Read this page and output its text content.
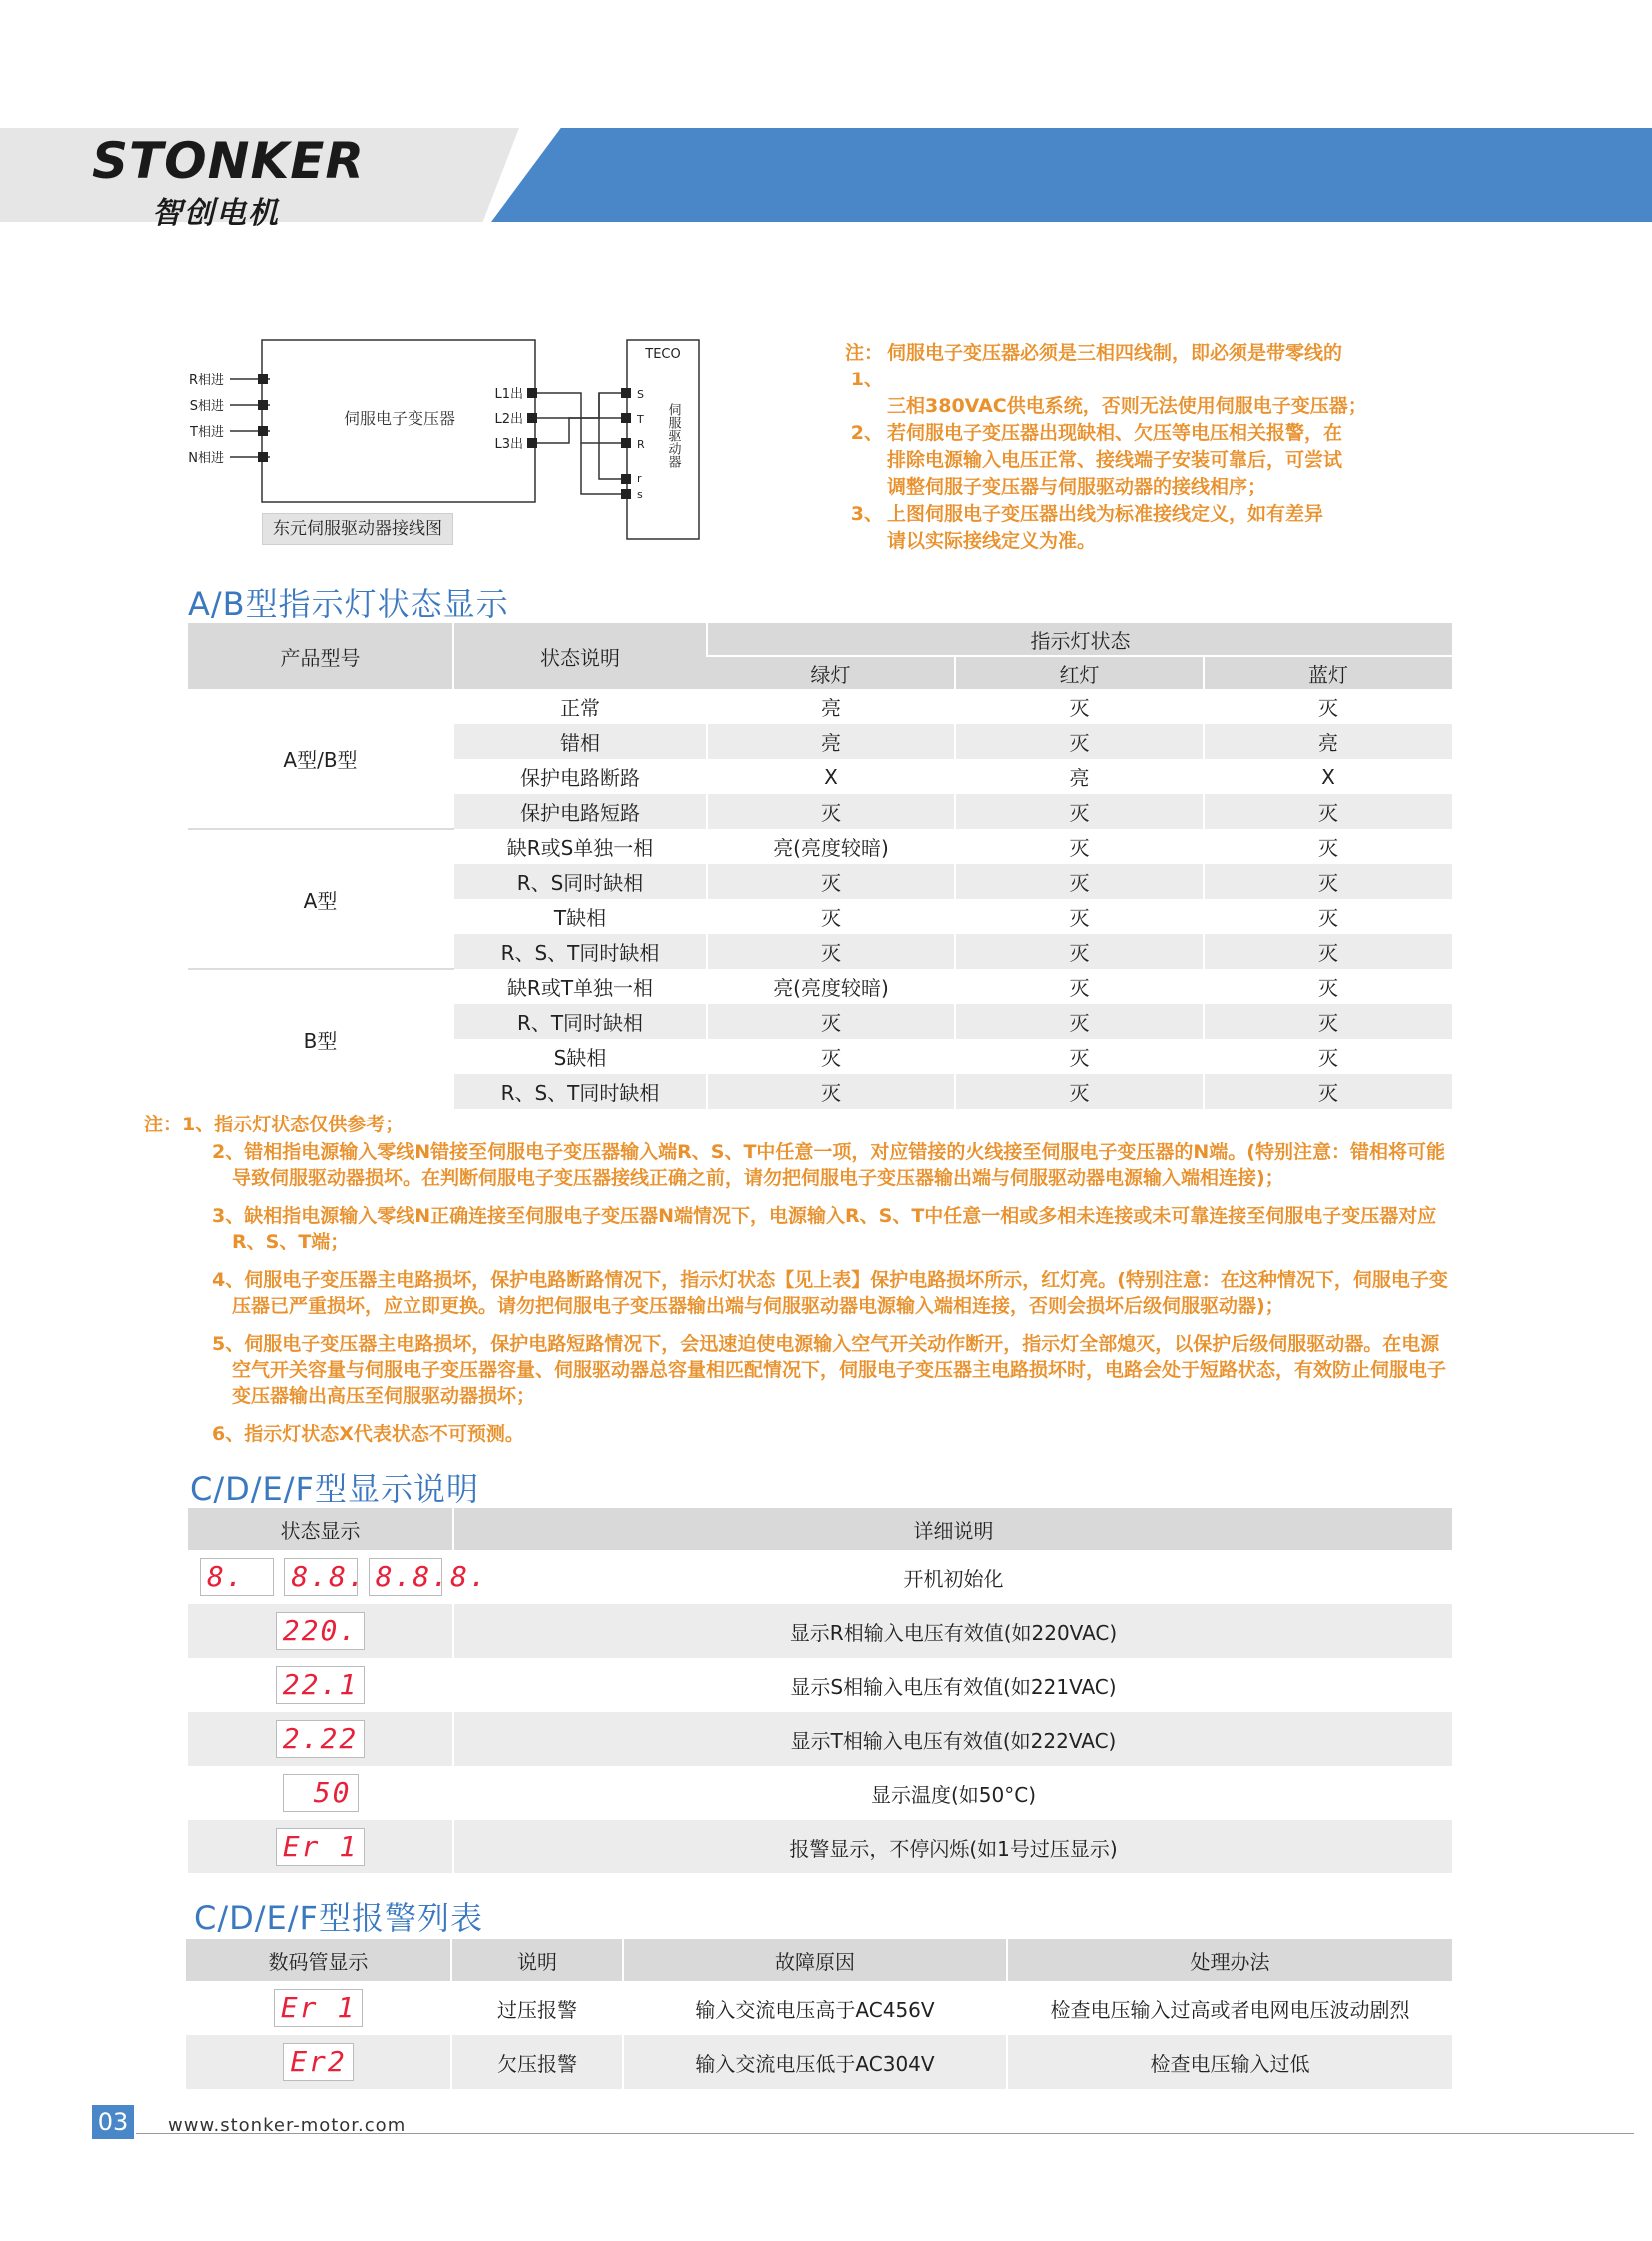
STONKER
智创电机
R相进
S相进
T相进
N相进
伺服电子变压器
L1出
L2出
L3出
TECO
S
T
R
r
s
伺服驱动器
东元伺服驱动器接线图
注：1、
伺服电子变压器必须是三相四线制，即必须是带零线的
三相380VAC供电系统，否则无法使用伺服电子变压器；
2、 若伺服电子变压器出现缺相、欠压等电压相关报警，在
排除电源输入电压正常、接线端子安装可靠后，可尝试
调整伺服子变压器与伺服驱动器的接线相序；
3、 上图伺服电子变压器出线为标准接线定义，如有差异
请以实际接线定义为准。
A/B型指示灯状态显示
产品型号	状态说明	指示灯状态		
		绿灯	红灯	蓝灯
A型/B型	正常	亮	灭	灭
	错相	亮	灭	亮
	保护电路断路	X	亮	X
	保护电路短路	灭	灭	灭
A型	缺R或S单独一相	亮(亮度较暗)	灭	灭
	R、S同时缺相	灭	灭	灭
	T缺相	灭	灭	灭
	R、S、T同时缺相	灭	灭	灭
B型	缺R或T单独一相	亮(亮度较暗)	灭	灭
	R、T同时缺相	灭	灭	灭
	S缺相	灭	灭	灭
	R、S、T同时缺相	灭	灭	灭

注：1、指示灯状态仅供参考；

2、错相指电源输入零线N错接至伺服电子变压器输入端R、S、T中任意一项，对应错接的火线接至伺服电子变压器的N端。(特别注意：错相将可能导致伺服驱动器损坏。在判断伺服电子变压器接线正确之前，请勿把伺服电子变压器输出端与伺服驱动器电源输入端相连接)；

3、缺相指电源输入零线N正确连接至伺服电子变压器N端情况下，电源输入R、S、T中任意一相或多相未连接或未可靠连接至伺服电子变压器对应R、S、T端；

4、伺服电子变压器主电路损坏，保护电路断路情况下，指示灯状态【见上表】保护电路损坏所示，红灯亮。(特别注意：在这种情况下，伺服电子变压器已严重损坏，应立即更换。请勿把伺服电子变压器输出端与伺服驱动器电源输入端相连接，否则会损坏后级伺服驱动器)；

5、伺服电子变压器主电路损坏，保护电路短路情况下，会迅速迫使电源输入空气开关动作断开，指示灯全部熄灭，以保护后级伺服驱动器。在电源空气开关容量与伺服电子变压器容量、伺服驱动器总容量相匹配情况下，伺服电子变压器主电路损坏时，电路会处于短路状态，有效防止伺服电子变压器输出高压至伺服驱动器损坏；

6、指示灯状态X代表状态不可预测。

C/D/E/F型显示说明
状态显示	详细说明
8. 8.8. 8.8.8.	开机初始化
220.	显示R相输入电压有效值(如220VAC)
22.1	显示S相输入电压有效值(如221VAC)
2.22	显示T相输入电压有效值(如222VAC)
50	显示温度(如50°C)
Er 1	报警显示，不停闪烁(如1号过压显示)
C/D/E/F型报警列表
数码管显示	说明	故障原因	处理办法
Er 1	过压报警	输入交流电压高于AC456V	检查电压输入过高或者电网电压波动剧烈
Er2	欠压报警	输入交流电压低于AC304V	检查电压输入过低
03	www.stonker-motor.com
